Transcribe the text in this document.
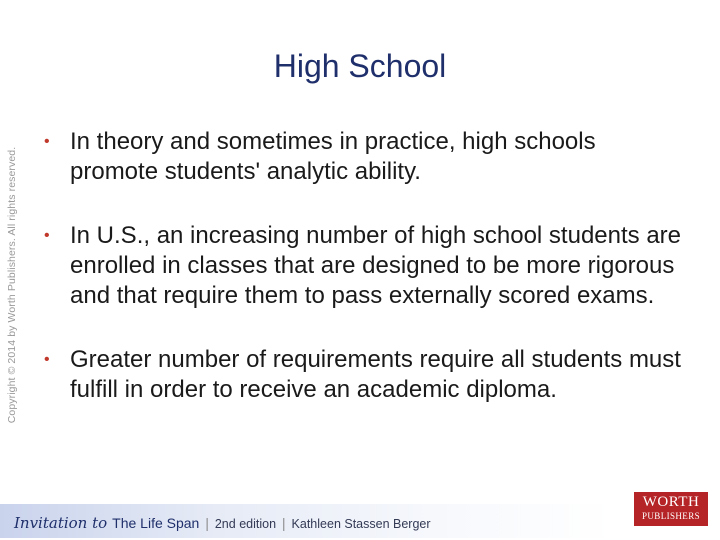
Copyright © 2014 by Worth Publishers. All rights reserved.
High School
• In theory and sometimes in practice, high schools promote students' analytic ability.
• In U.S., an increasing number of high school students are enrolled in classes that are designed to be more rigorous and that require them to pass externally scored exams.
• Greater number of requirements require all students must fulfill in order to receive an academic diploma.
Invitation to The Life Span | 2nd edition | Kathleen Stassen Berger
WORTH
PUBLISHERS
